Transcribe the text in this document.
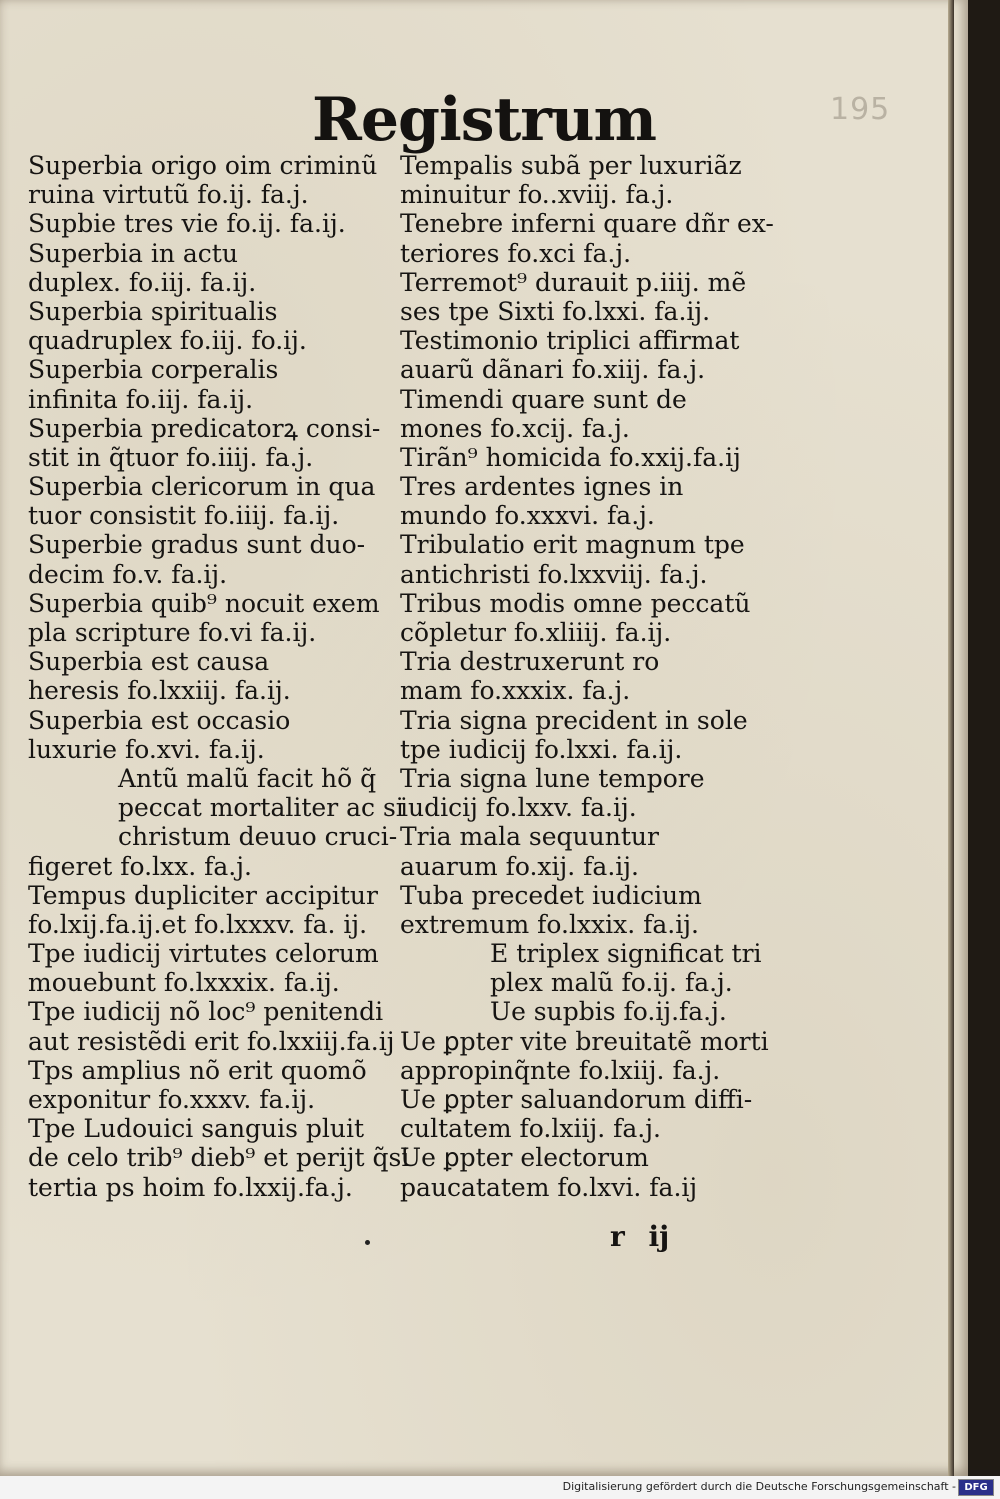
195
Registrum
Superbia origo oim criminũ
ruina virtutũ fo.ij. fa.j.
Supbie tres vie fo.ij. fa.ij.
Superbia in actu
duplex. fo.iij. fa.ij.
Superbia spiritualis
quadruplex fo.iij. fo.ij.
Superbia corperalis
infinita fo.iij. fa.ij.
Superbia predicatorꝝ consi-
stit in q̃tuor fo.iiij. fa.j.
Superbia clericorum in qua
tuor consistit fo.iiij. fa.ij.
Superbie gradus sunt duo-
decim fo.v. fa.ij.
Superbia quib⁹ nocuit exem
pla scripture fo.vi fa.ij.
Superbia est causa
heresis fo.lxxiij. fa.ij.
Superbia est occasio
luxurie fo.xvi. fa.ij.
Antũ malũ facit hõ q̃
peccat mortaliter ac si
christum deuuo cruci-
figeret fo.lxx. fa.j.
Tempus dupliciter accipitur
fo.lxij.fa.ij.et fo.lxxxv. fa. ij.
Tpe iudicij virtutes celorum
mouebunt fo.lxxxix. fa.ij.
Tpe iudicij nõ loc⁹ penitendi
aut resistẽdi erit fo.lxxiij.fa.ij
Tps amplius nõ erit quomõ
exponitur fo.xxxv. fa.ij.
Tpe Ludouici sanguis pluit
de celo trib⁹ dieb⁹ et perijt q̃si
tertia ps hoim fo.lxxij.fa.j.
Tempalis subã per luxuriãz
minuitur fo..xviij. fa.j.
Tenebre inferni quare dñr ex-
teriores fo.xci fa.j.
Terremot⁹ durauit p.iiij. mẽ
ses tpe Sixti fo.lxxi. fa.ij.
Testimonio triplici affirmat
auarũ dãnari fo.xiij. fa.j.
Timendi quare sunt de
mones fo.xcij. fa.j.
Tirãn⁹ homicida fo.xxij.fa.ij
Tres ardentes ignes in
mundo fo.xxxvi. fa.j.
Tribulatio erit magnum tpe
antichristi fo.lxxviij. fa.j.
Tribus modis omne peccatũ
cõpletur fo.xliiij. fa.ij.
Tria destruxerunt ro
mam fo.xxxix. fa.j.
Tria signa precident in sole
tpe iudicij fo.lxxi. fa.ij.
Tria signa lune tempore
iudicij fo.lxxv. fa.ij.
Tria mala sequuntur
auarum fo.xij. fa.ij.
Tuba precedet iudicium
extremum fo.lxxix. fa.ij.
E triplex significat tri
plex malũ fo.ij. fa.j.
Ue supbis fo.ij.fa.j.
Ue ꝑpter vite breuitatẽ morti
appropinq̃nte fo.lxiij. fa.j.
Ue ꝑpter saluandorum diffi-
cultatem fo.lxiij. fa.j.
Ue ꝑpter electorum
paucatatem fo.lxvi. fa.ij
r ij
Digitalisierung gefördert durch die Deutsche Forschungsgemeinschaft - DFG
